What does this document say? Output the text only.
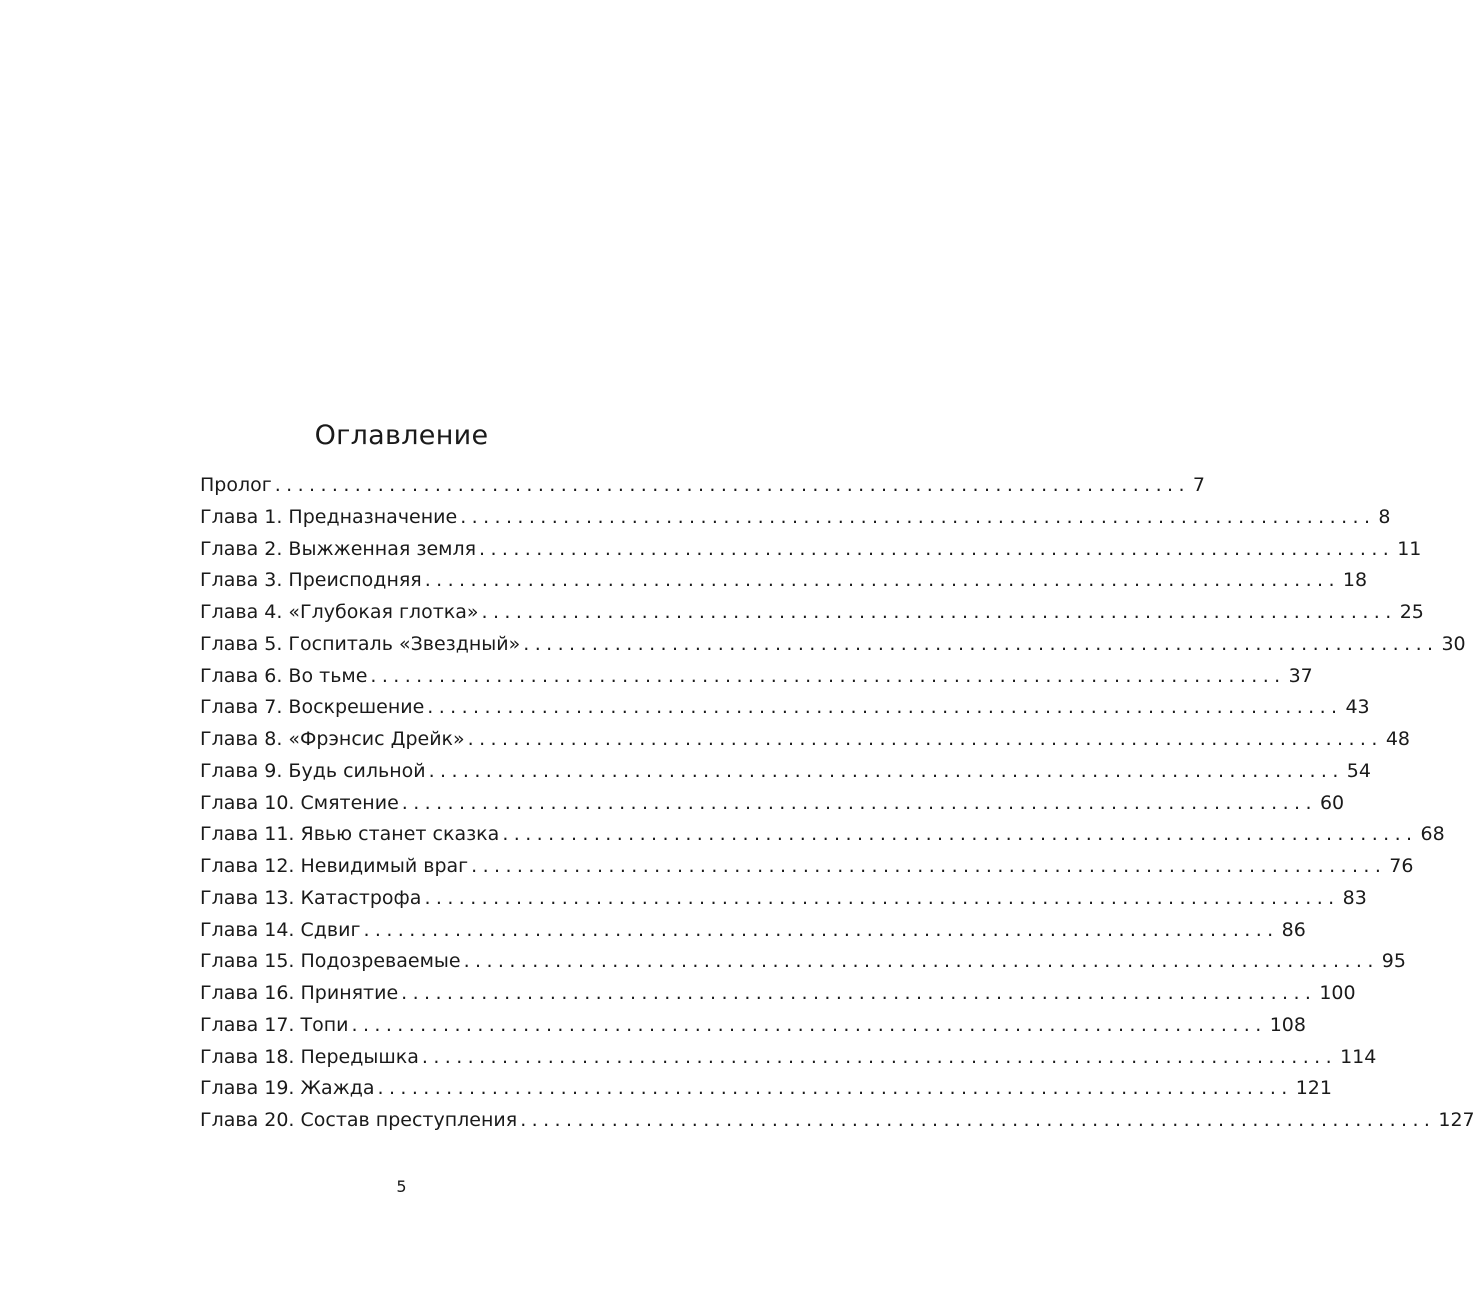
Оглавление
Пролог ................................................................................ 7
Глава 1. Предназначение ................................................................................ 8
Глава 2. Выжженная земля ................................................................................ 11
Глава 3. Преисподняя ................................................................................ 18
Глава 4. «Глубокая глотка» ................................................................................ 25
Глава 5. Госпиталь «Звездный» ................................................................................ 30
Глава 6. Во тьме ................................................................................ 37
Глава 7. Воскрешение ................................................................................ 43
Глава 8. «Фрэнсис Дрейк» ................................................................................ 48
Глава 9. Будь сильной ................................................................................ 54
Глава 10. Смятение ................................................................................ 60
Глава 11. Явью станет сказка ................................................................................ 68
Глава 12. Невидимый враг ................................................................................ 76
Глава 13. Катастрофа ................................................................................ 83
Глава 14. Сдвиг ................................................................................ 86
Глава 15. Подозреваемые ................................................................................ 95
Глава 16. Принятие ................................................................................ 100
Глава 17. Топи ................................................................................ 108
Глава 18. Передышка ................................................................................ 114
Глава 19. Жажда ................................................................................ 121
Глава 20. Состав преступления ................................................................................ 127
5
